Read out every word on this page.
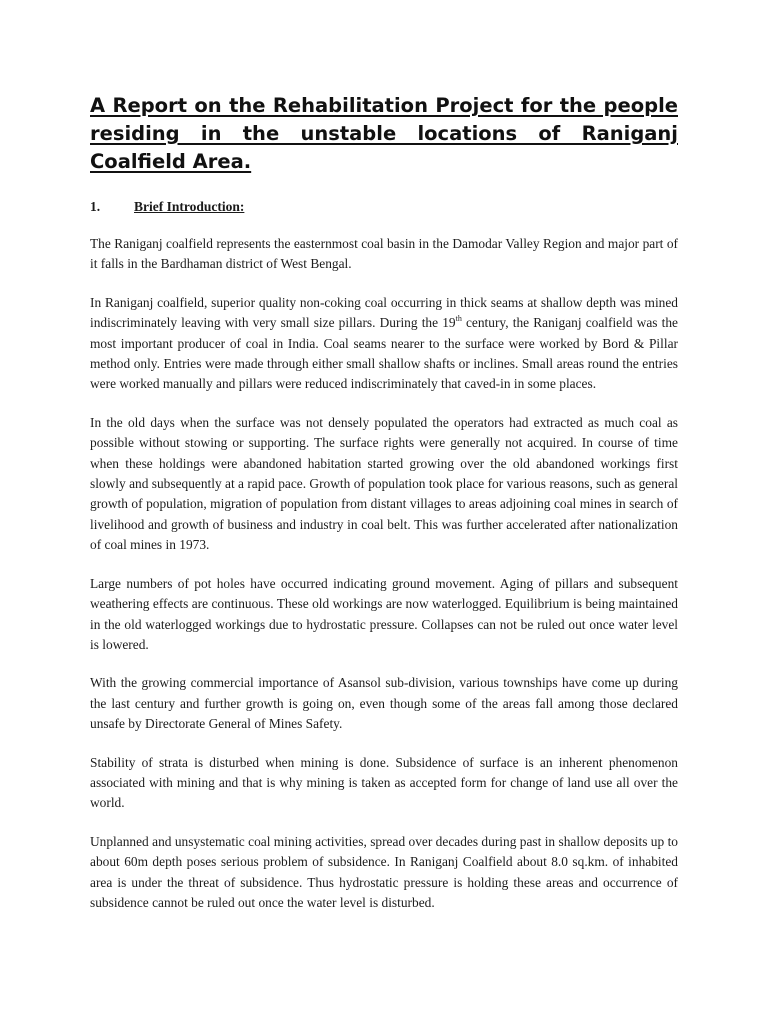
A Report on the Rehabilitation Project for the people residing in the unstable locations of Raniganj Coalfield Area.
1.	Brief Introduction:

The Raniganj coalfield represents the easternmost coal basin in the Damodar Valley Region and major part of it falls in the Bardhaman district of West Bengal.

In Raniganj coalfield, superior quality non-coking coal occurring in thick seams at shallow depth was mined indiscriminately leaving with very small size pillars. During the 19th century, the Raniganj coalfield was the most important producer of coal in India. Coal seams nearer to the surface were worked by Bord & Pillar method only. Entries were made through either small shallow shafts or inclines. Small areas round the entries were worked manually and pillars were reduced indiscriminately that caved-in in some places.

In the old days when the surface was not densely populated the operators had extracted as much coal as possible without stowing or supporting. The surface rights were generally not acquired. In course of time when these holdings were abandoned habitation started growing over the old abandoned workings first slowly and subsequently at a rapid pace. Growth of population took place for various reasons, such as general growth of population, migration of population from distant villages to areas adjoining coal mines in search of livelihood and growth of business and industry in coal belt. This was further accelerated after nationalization of coal mines in 1973.

Large numbers of pot holes have occurred indicating ground movement. Aging of pillars and subsequent weathering effects are continuous. These old workings are now waterlogged. Equilibrium is being maintained in the old waterlogged workings due to hydrostatic pressure. Collapses can not be ruled out once water level is lowered.

With the growing commercial importance of Asansol sub-division, various townships have come up during the last century and further growth is going on, even though some of the areas fall among those declared unsafe by Directorate General of Mines Safety.

Stability of strata is disturbed when mining is done. Subsidence of surface is an inherent phenomenon associated with mining and that is why mining is taken as accepted form for change of land use all over the world.

Unplanned and unsystematic coal mining activities, spread over decades during past in shallow deposits up to about 60m depth poses serious problem of subsidence. In Raniganj Coalfield about 8.0 sq.km. of inhabited area is under the threat of subsidence. Thus hydrostatic pressure is holding these areas and occurrence of subsidence cannot be ruled out once the water level is disturbed.
